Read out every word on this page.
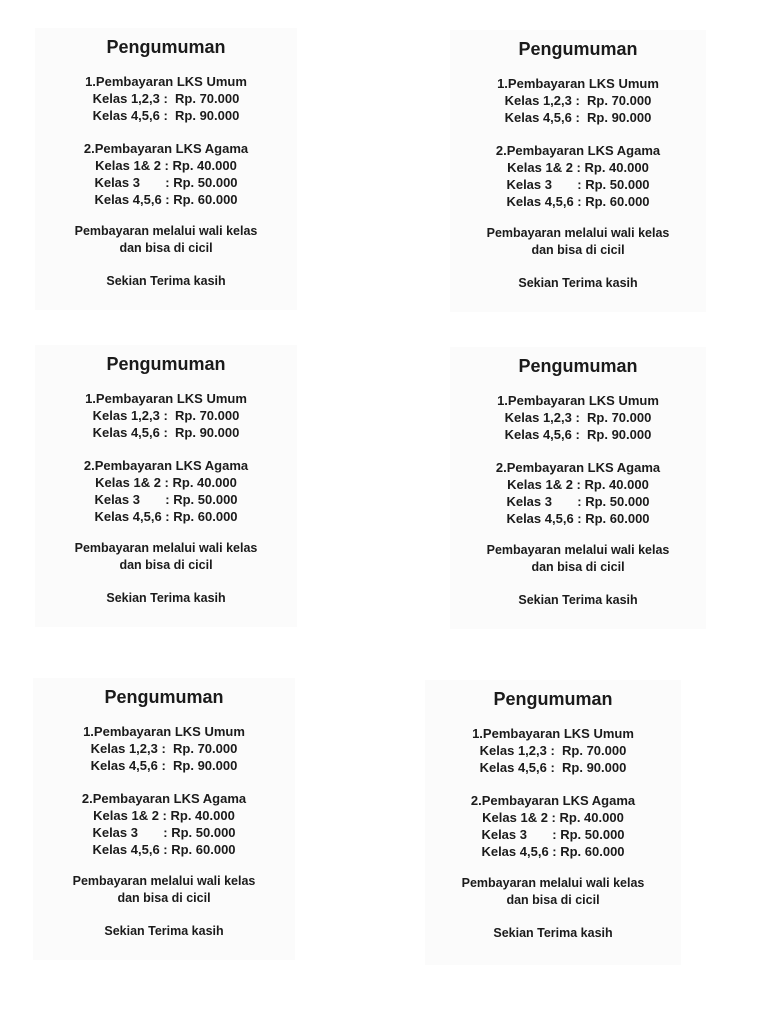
Pengumuman
1.Pembayaran LKS Umum
Kelas 1,2,3 :  Rp. 70.000
Kelas 4,5,6 :  Rp. 90.000
2.Pembayaran LKS Agama
Kelas 1& 2 : Rp. 40.000
Kelas 3       : Rp. 50.000
Kelas 4,5,6 : Rp. 60.000
Pembayaran melalui wali kelas
dan bisa di cicil
Sekian Terima kasih
Pengumuman
1.Pembayaran LKS Umum
Kelas 1,2,3 :  Rp. 70.000
Kelas 4,5,6 :  Rp. 90.000
2.Pembayaran LKS Agama
Kelas 1& 2 : Rp. 40.000
Kelas 3       : Rp. 50.000
Kelas 4,5,6 : Rp. 60.000
Pembayaran melalui wali kelas
dan bisa di cicil
Sekian Terima kasih
Pengumuman
1.Pembayaran LKS Umum
Kelas 1,2,3 :  Rp. 70.000
Kelas 4,5,6 :  Rp. 90.000
2.Pembayaran LKS Agama
Kelas 1& 2 : Rp. 40.000
Kelas 3       : Rp. 50.000
Kelas 4,5,6 : Rp. 60.000
Pembayaran melalui wali kelas
dan bisa di cicil
Sekian Terima kasih
Pengumuman
1.Pembayaran LKS Umum
Kelas 1,2,3 :  Rp. 70.000
Kelas 4,5,6 :  Rp. 90.000
2.Pembayaran LKS Agama
Kelas 1& 2 : Rp. 40.000
Kelas 3       : Rp. 50.000
Kelas 4,5,6 : Rp. 60.000
Pembayaran melalui wali kelas
dan bisa di cicil
Sekian Terima kasih
Pengumuman
1.Pembayaran LKS Umum
Kelas 1,2,3 :  Rp. 70.000
Kelas 4,5,6 :  Rp. 90.000
2.Pembayaran LKS Agama
Kelas 1& 2 : Rp. 40.000
Kelas 3       : Rp. 50.000
Kelas 4,5,6 : Rp. 60.000
Pembayaran melalui wali kelas
dan bisa di cicil
Sekian Terima kasih
Pengumuman
1.Pembayaran LKS Umum
Kelas 1,2,3 :  Rp. 70.000
Kelas 4,5,6 :  Rp. 90.000
2.Pembayaran LKS Agama
Kelas 1& 2 : Rp. 40.000
Kelas 3       : Rp. 50.000
Kelas 4,5,6 : Rp. 60.000
Pembayaran melalui wali kelas
dan bisa di cicil
Sekian Terima kasih
